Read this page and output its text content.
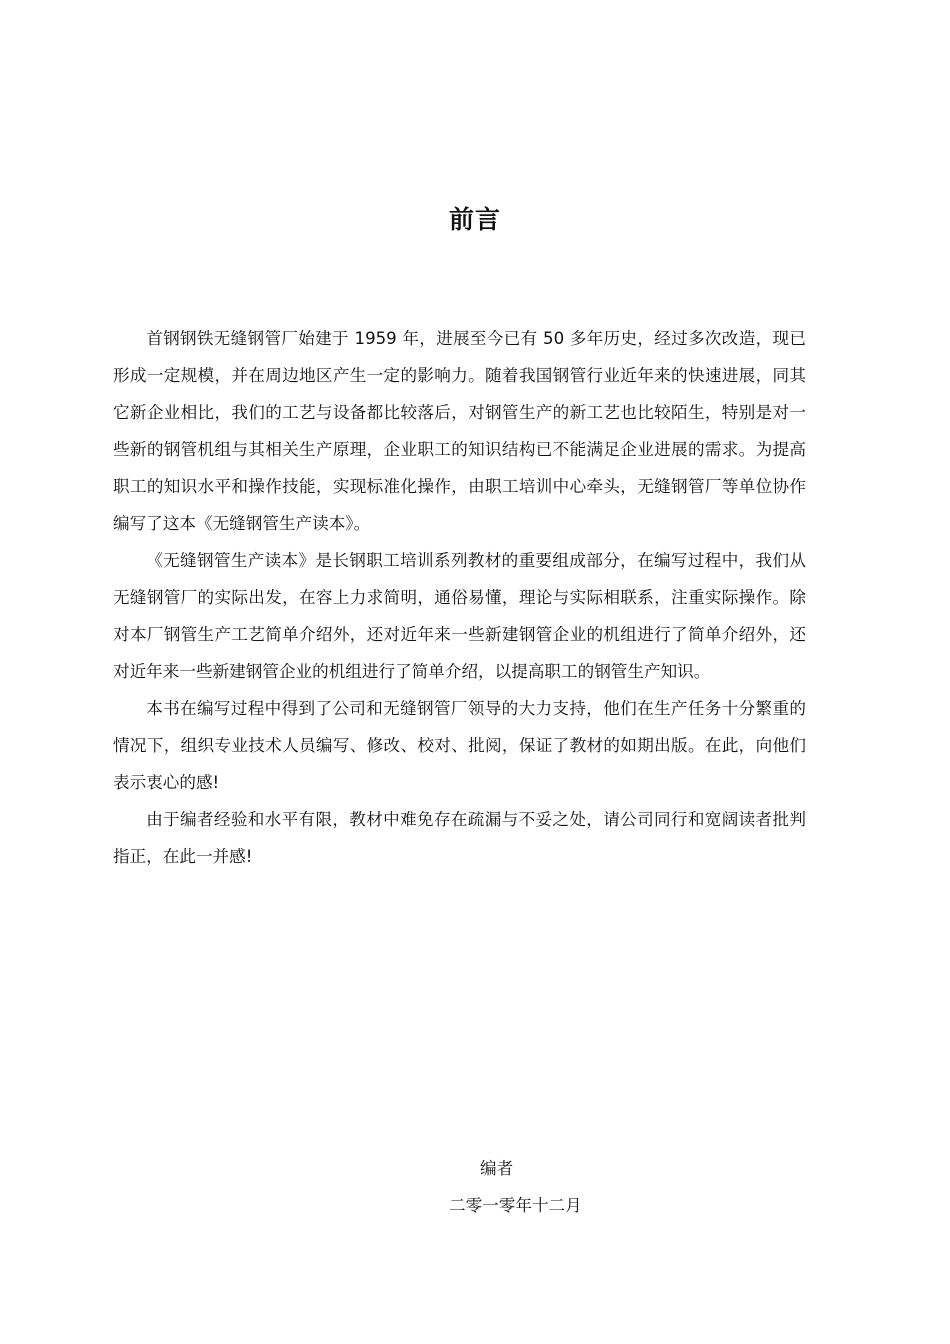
前言

首钢钢铁无缝钢管厂始建于 1959 年，进展至今已有 50 多年历史，经过多次改造，现已形成一定规模，并在周边地区产生一定的影响力。随着我国钢管行业近年来的快速进展，同其它新企业相比，我们的工艺与设备都比较落后，对钢管生产的新工艺也比较陌生，特别是对一些新的钢管机组与其相关生产原理，企业职工的知识结构已不能满足企业进展的需求。为提高职工的知识水平和操作技能，实现标准化操作，由职工培训中心牵头，无缝钢管厂等单位协作编写了这本《无缝钢管生产读本》。

《无缝钢管生产读本》是长钢职工培训系列教材的重要组成部分，在编写过程中，我们从无缝钢管厂的实际出发，在容上力求简明，通俗易懂，理论与实际相联系，注重实际操作。除对本厂钢管生产工艺简单介绍外，还对近年来一些新建钢管企业的机组进行了简单介绍外，还对近年来一些新建钢管企业的机组进行了简单介绍，以提高职工的钢管生产知识。

本书在编写过程中得到了公司和无缝钢管厂领导的大力支持，他们在生产任务十分繁重的情况下，组织专业技术人员编写、修改、校对、批阅，保证了教材的如期出版。在此，向他们表示衷心的感!

由于编者经验和水平有限，教材中难免存在疏漏与不妥之处，请公司同行和宽阔读者批判指正，在此一并感!

编者
二零一零年十二月
